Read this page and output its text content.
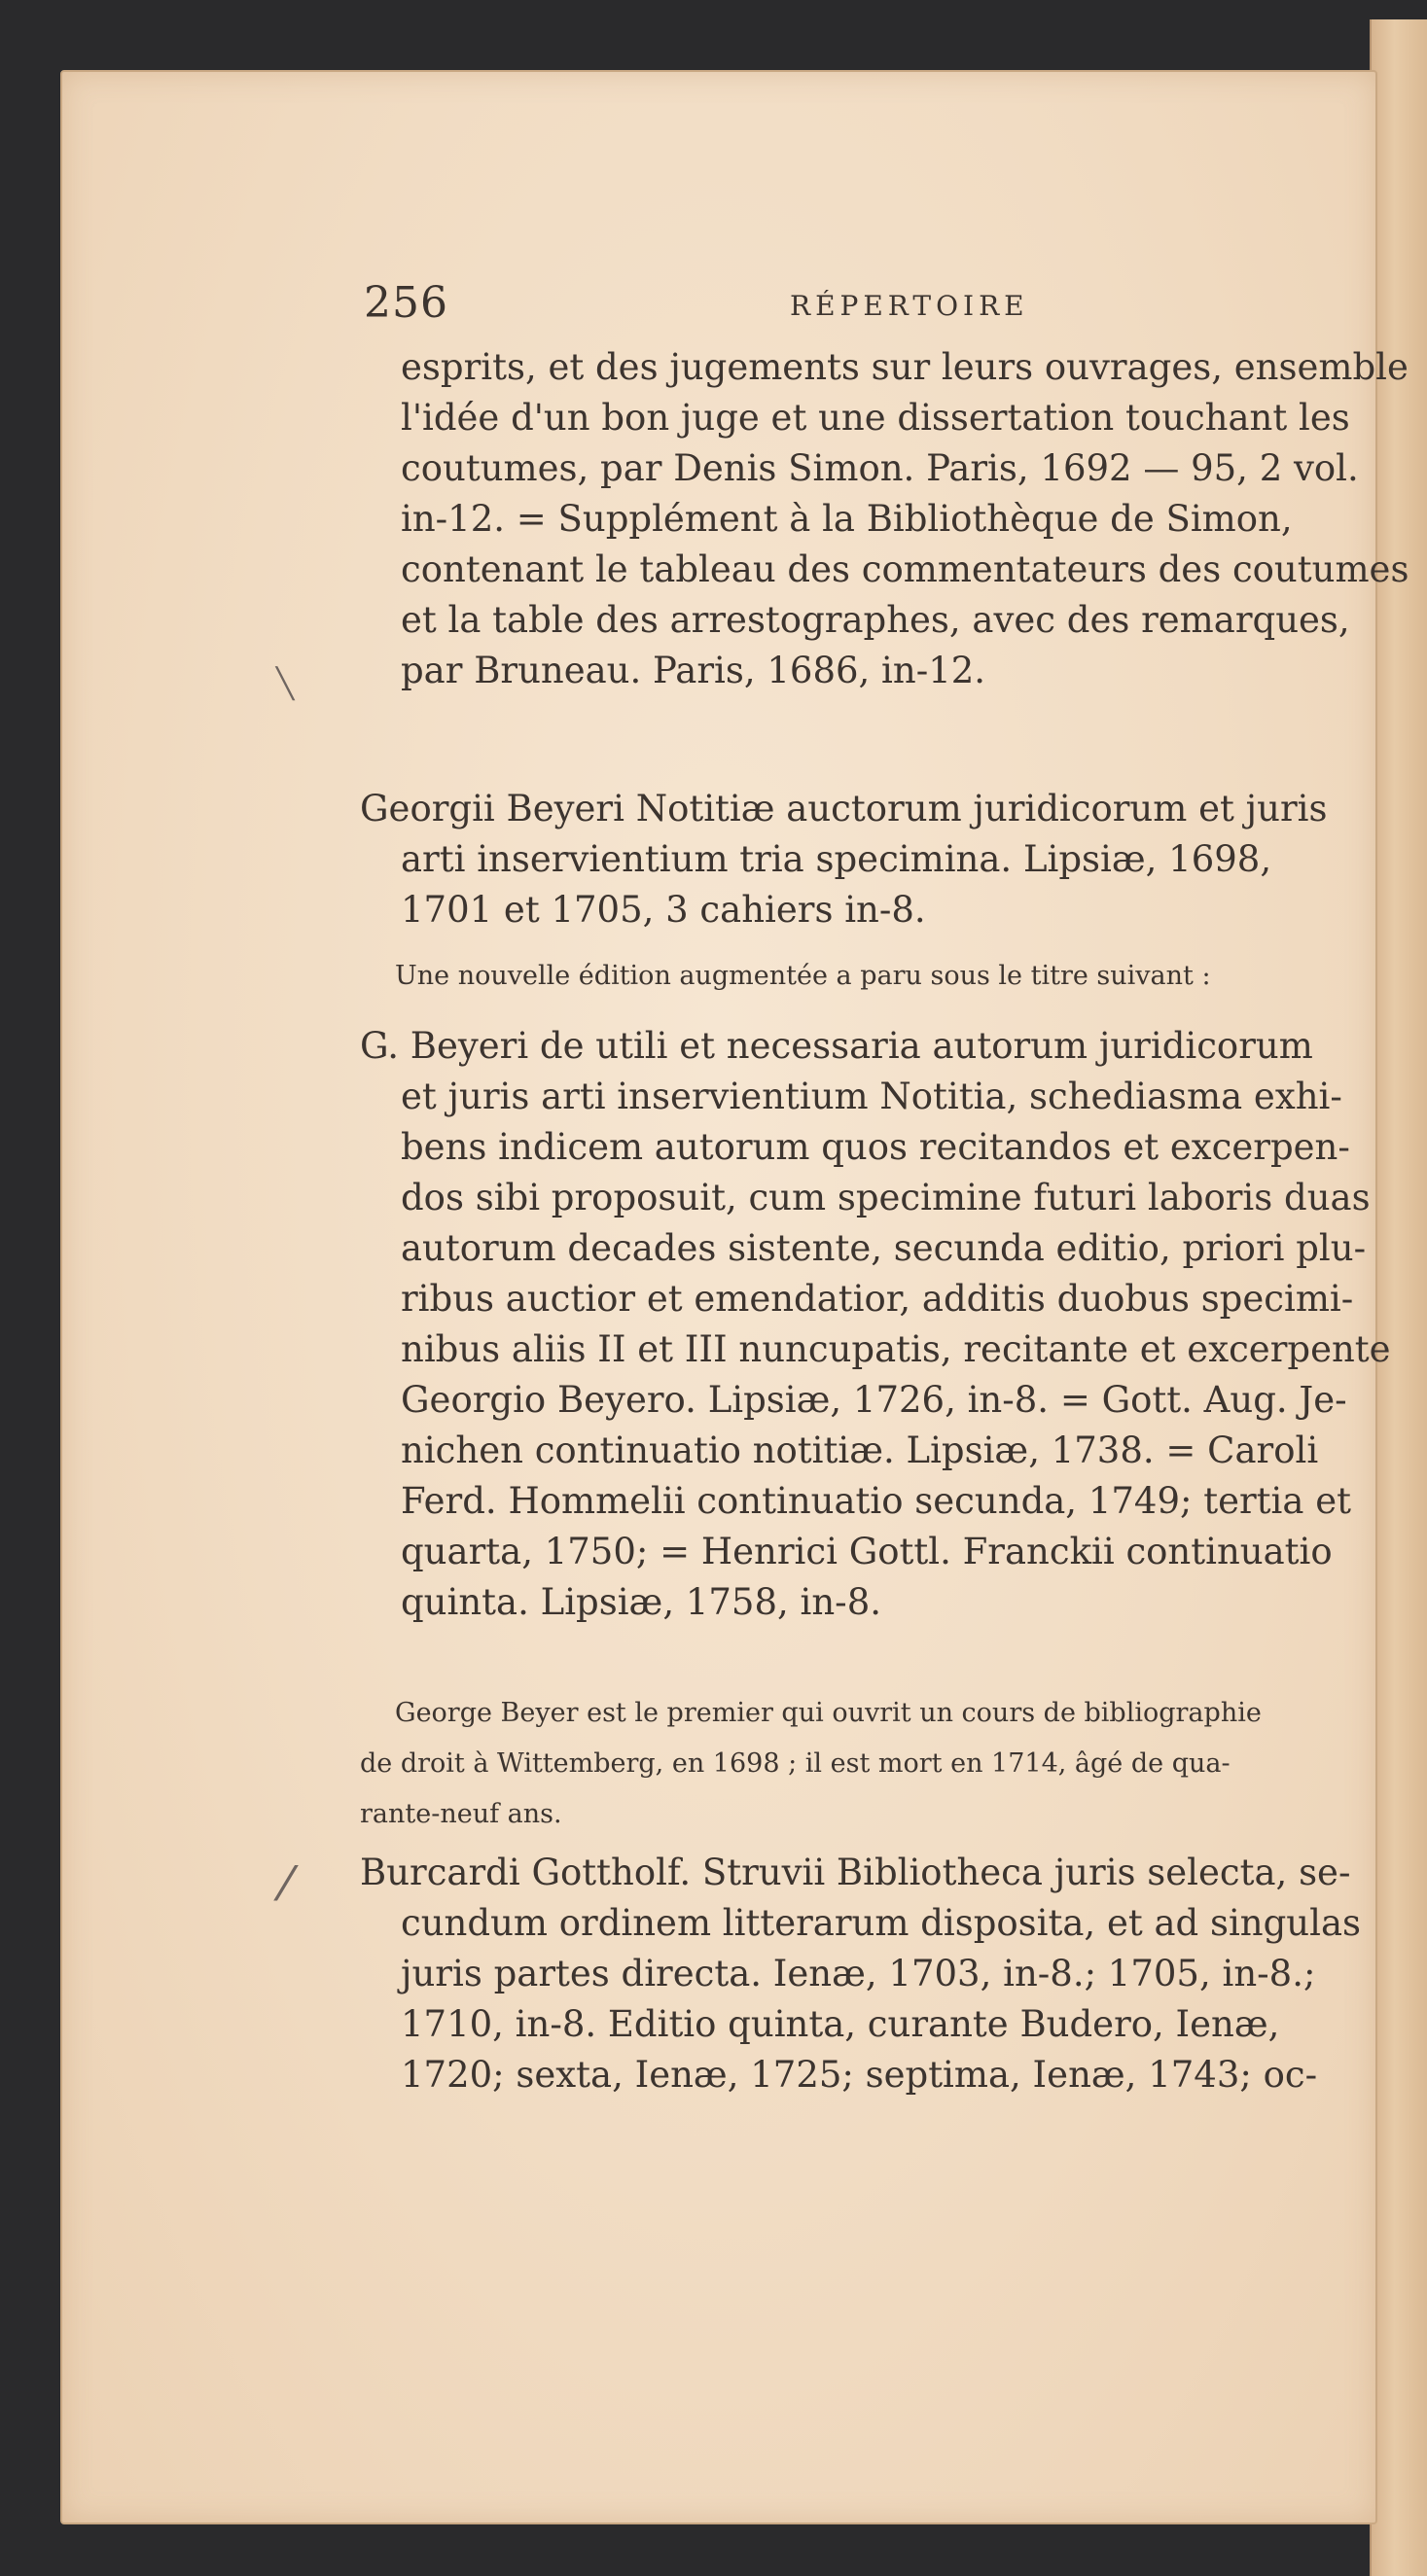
256	RÉPERTOIRE
esprits, et des jugements sur leurs ouvrages, ensemble
l'idée d'un bon juge et une dissertation touchant les
coutumes, par Denis Simon. Paris, 1692 — 95, 2 vol.
in-12. = Supplément à la Bibliothèque de Simon,
contenant le tableau des commentateurs des coutumes
et la table des arrestographes, avec des remarques,
par Bruneau. Paris, 1686, in-12.
Georgii Beyeri Notitiæ auctorum juridicorum et juris
arti inservientium tria specimina. Lipsiæ, 1698,
1701 et 1705, 3 cahiers in-8.
Une nouvelle édition augmentée a paru sous le titre suivant :
G. Beyeri de utili et necessaria autorum juridicorum
et juris arti inservientium Notitia, schediasma exhi-
bens indicem autorum quos recitandos et excerpen-
dos sibi proposuit, cum specimine futuri laboris duas
autorum decades sistente, secunda editio, priori plu-
ribus auctior et emendatior, additis duobus specimi-
nibus aliis II et III nuncupatis, recitante et excerpente
Georgio Beyero. Lipsiæ, 1726, in-8. = Gott. Aug. Je-
nichen continuatio notitiæ. Lipsiæ, 1738. = Caroli
Ferd. Hommelii continuatio secunda, 1749; tertia et
quarta, 1750; = Henrici Gottl. Franckii continuatio
quinta. Lipsiæ, 1758, in-8.
George Beyer est le premier qui ouvrit un cours de bibliographie
de droit à Wittemberg, en 1698 ; il est mort en 1714, âgé de qua-
rante-neuf ans.
Burcardi Gottholf. Struvii Bibliotheca juris selecta, se-
cundum ordinem litterarum disposita, et ad singulas
juris partes directa. Ienæ, 1703, in-8.; 1705, in-8.;
1710, in-8. Editio quinta, curante Budero, Ienæ,
1720; sexta, Ienæ, 1725; septima, Ienæ, 1743; oc-
╲
⁄
